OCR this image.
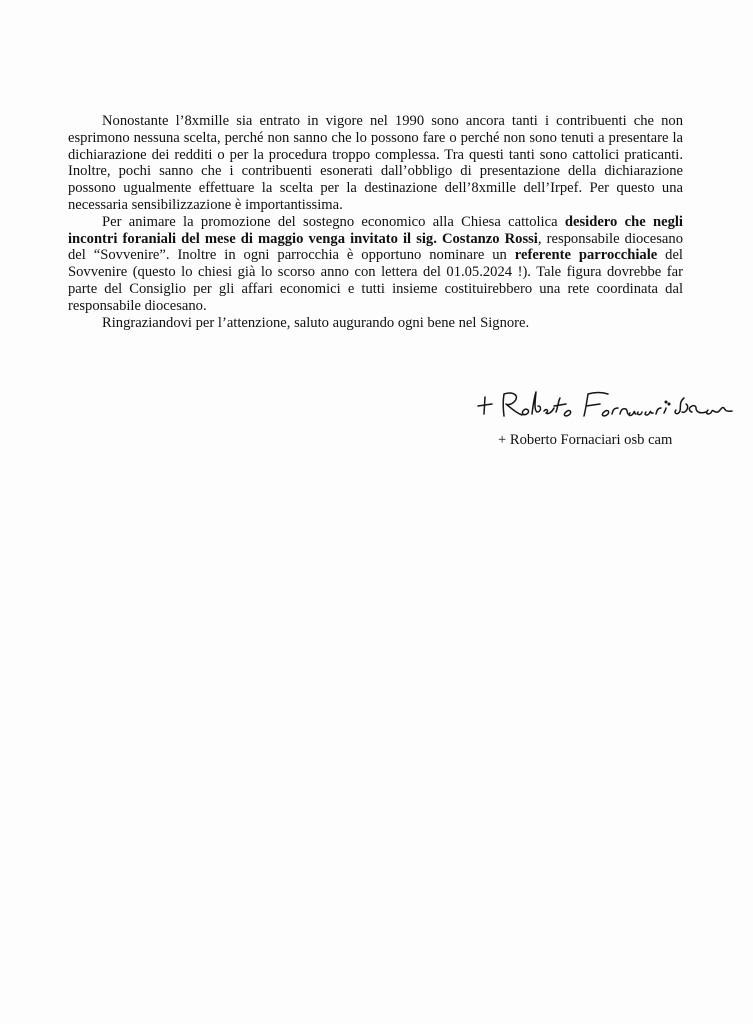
Nonostante l’8xmille sia entrato in vigore nel 1990 sono ancora tanti i contribuenti che non esprimono nessuna scelta, perché non sanno che lo possono fare o perché non sono tenuti a presentare la dichiarazione dei redditi o per la procedura troppo complessa. Tra questi tanti sono cattolici praticanti. Inoltre, pochi sanno che i contribuenti esonerati dall’obbligo di presentazione della dichiarazione possono ugualmente effettuare la scelta per la destinazione dell’8xmille dell’Irpef. Per questo una necessaria sensibilizzazione è importantissima.

Per animare la promozione del sostegno economico alla Chiesa cattolica desidero che negli incontri foraniali del mese di maggio venga invitato il sig. Costanzo Rossi, responsabile diocesano del “Sovvenire”. Inoltre in ogni parrocchia è opportuno nominare un referente parrocchiale del Sovvenire (questo lo chiesi già lo scorso anno con lettera del 01.05.2024 !). Tale figura dovrebbe far parte del Consiglio per gli affari economici e tutti insieme costituirebbero una rete coordinata dal responsabile diocesano.

Ringraziandovi per l’attenzione, saluto augurando ogni bene nel Signore.

+ Roberto Fornaciari osb cam
